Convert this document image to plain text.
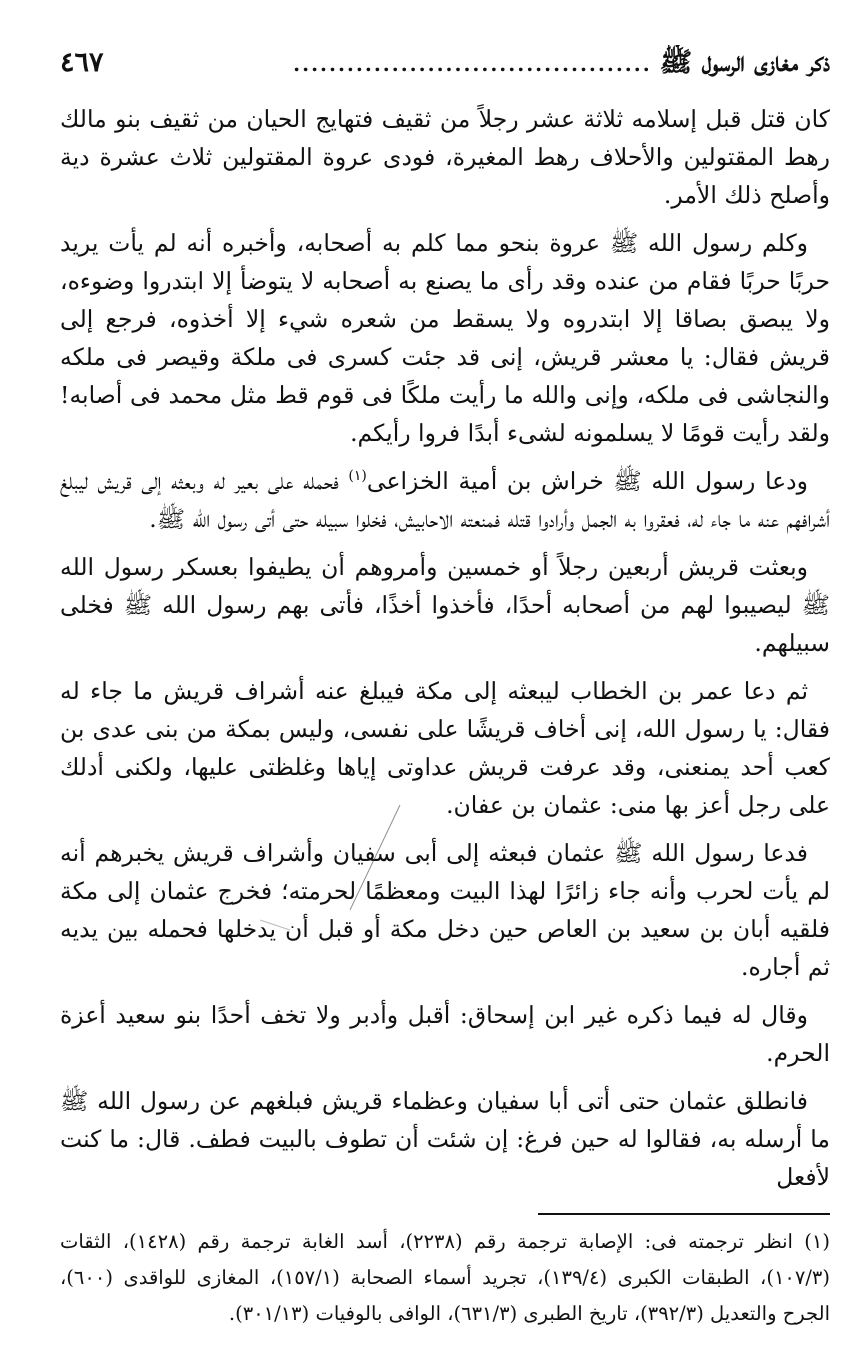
ذكر مغازى الرسول ﷺ
........................................
٤٦٧

كان قتل قبل إسلامه ثلاثة عشر رجلاً من ثقيف فتهايج الحيان من ثقيف بنو مالك رهط المقتولين والأحلاف رهط المغيرة، فودى عروة المقتولين ثلاث عشرة دية وأصلح ذلك الأمر.

وكلم رسول الله ﷺ عروة بنحو مما كلم به أصحابه، وأخبره أنه لم يأت يريد حربًا حربًا فقام من عنده وقد رأى ما يصنع به أصحابه لا يتوضأ إلا ابتدروا وضوءه، ولا يبصق بصاقا إلا ابتدروه ولا يسقط من شعره شيء إلا أخذوه، فرجع إلى قريش فقال: يا معشر قريش، إنى قد جئت كسرى فى ملكة وقيصر فى ملكه والنجاشى فى ملكه، وإنى والله ما رأيت ملكًا فى قوم قط مثل محمد فى أصابه! ولقد رأيت قومًا لا يسلمونه لشىء أبدًا فروا رأيكم.

ودعا رسول الله ﷺ خراش بن أمية الخزاعى$^{(١)}$ فحمله على بعير له وبعثه إلى قريش ليبلغ أشرافهم عنه ما جاء له، فعقروا به الجمل وأرادوا قتله فمنعته الاحابيش، فخلوا سبيله حتى أتى رسول الله ﷺ.

وبعثت قريش أربعين رجلاً أو خمسين وأمروهم أن يطيفوا بعسكر رسول الله ﷺ ليصيبوا لهم من أصحابه أحدًا، فأخذوا أخذًا، فأتى بهم رسول الله ﷺ فخلى سبيلهم.

ثم دعا عمر بن الخطاب ليبعثه إلى مكة فيبلغ عنه أشراف قريش ما جاء له فقال: يا رسول الله، إنى أخاف قريشًا على نفسى، وليس بمكة من بنى عدى بن كعب أحد يمنعنى، وقد عرفت قريش عداوتى إياها وغلظتى عليها، ولكنى أدلك على رجل أعز بها منى: عثمان بن عفان.

فدعا رسول الله ﷺ عثمان فبعثه إلى أبى سفيان وأشراف قريش يخبرهم أنه لم يأت لحرب وأنه جاء زائرًا لهذا البيت ومعظمًا لحرمته؛ فخرج عثمان إلى مكة فلقيه أبان بن سعيد بن العاص حين دخل مكة أو قبل أن يدخلها فحمله بين يديه ثم أجاره.

وقال له فيما ذكره غير ابن إسحاق: أقبل وأدبر ولا تخف أحدًا بنو سعيد أعزة الحرم.

فانطلق عثمان حتى أتى أبا سفيان وعظماء قريش فبلغهم عن رسول الله ﷺ ما أرسله به، فقالوا له حين فرغ: إن شئت أن تطوف بالبيت فطف. قال: ما كنت لأفعل

(١) انظر ترجمته فى: الإصابة ترجمة رقم (٢٢٣٨)، أسد الغابة ترجمة رقم (١٤٢٨)، الثقات (١٠٧/٣)، الطبقات الكبرى (١٣٩/٤)، تجريد أسماء الصحابة (١٥٧/١)، المغازى للواقدى (٦٠٠)، الجرح والتعديل (٣٩٢/٣)، تاريخ الطبرى (٦٣١/٣)، الوافى بالوفيات (٣٠١/١٣).
